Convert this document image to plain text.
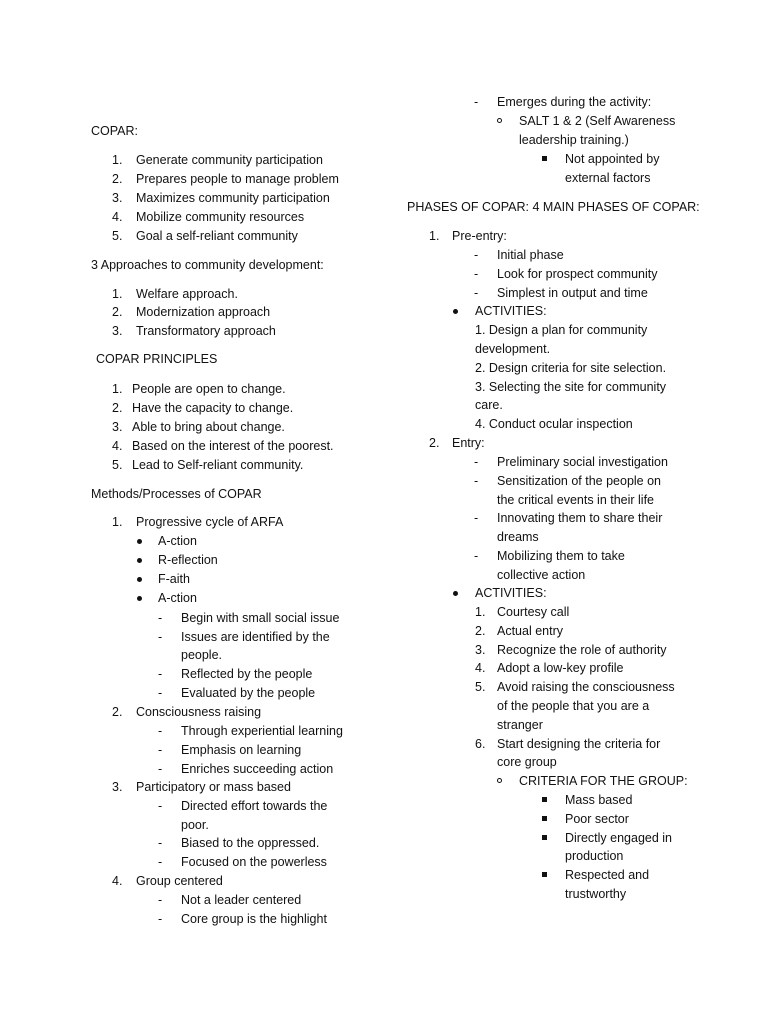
COPAR:
1. Generate community participation
2. Prepares people to manage problem
3. Maximizes community participation
4. Mobilize community resources
5. Goal a self-reliant community
3 Approaches to community development:
1. Welfare approach.
2. Modernization approach
3. Transformatory approach
COPAR PRINCIPLES
1. People are open to change.
2. Have the capacity to change.
3. Able to bring about change.
4. Based on the interest of the poorest.
5. Lead to Self-reliant community.
Methods/Processes of COPAR
1. Progressive cycle of ARFA
A-ction
R-eflection
F-aith
A-ction
- Begin with small social issue
- Issues are identified by the
people.
- Reflected by the people
- Evaluated by the people
2. Consciousness raising
- Through experiential learning
- Emphasis on learning
- Enriches succeeding action
3. Participatory or mass based
- Directed effort towards the
poor.
- Biased to the oppressed.
- Focused on the powerless
4. Group centered
- Not a leader centered
- Core group is the highlight
- Emerges during the activity:
SALT 1 & 2 (Self Awareness
leadership training.)
Not appointed by
external factors
PHASES OF COPAR: 4 MAIN PHASES OF COPAR:
1. Pre-entry:
- Initial phase
- Look for prospect community
- Simplest in output and time
ACTIVITIES:
1. Design a plan for community
development.
2. Design criteria for site selection.
3. Selecting the site for community
care.
4. Conduct ocular inspection
2. Entry:
- Preliminary social investigation
- Sensitization of the people on
the critical events in their life
- Innovating them to share their
dreams
- Mobilizing them to take
collective action
ACTIVITIES:
1. Courtesy call
2. Actual entry
3. Recognize the role of authority
4. Adopt a low-key profile
5. Avoid raising the consciousness
of the people that you are a
stranger
6. Start designing the criteria for
core group
CRITERIA FOR THE GROUP:
Mass based
Poor sector
Directly engaged in
production
Respected and
trustworthy
